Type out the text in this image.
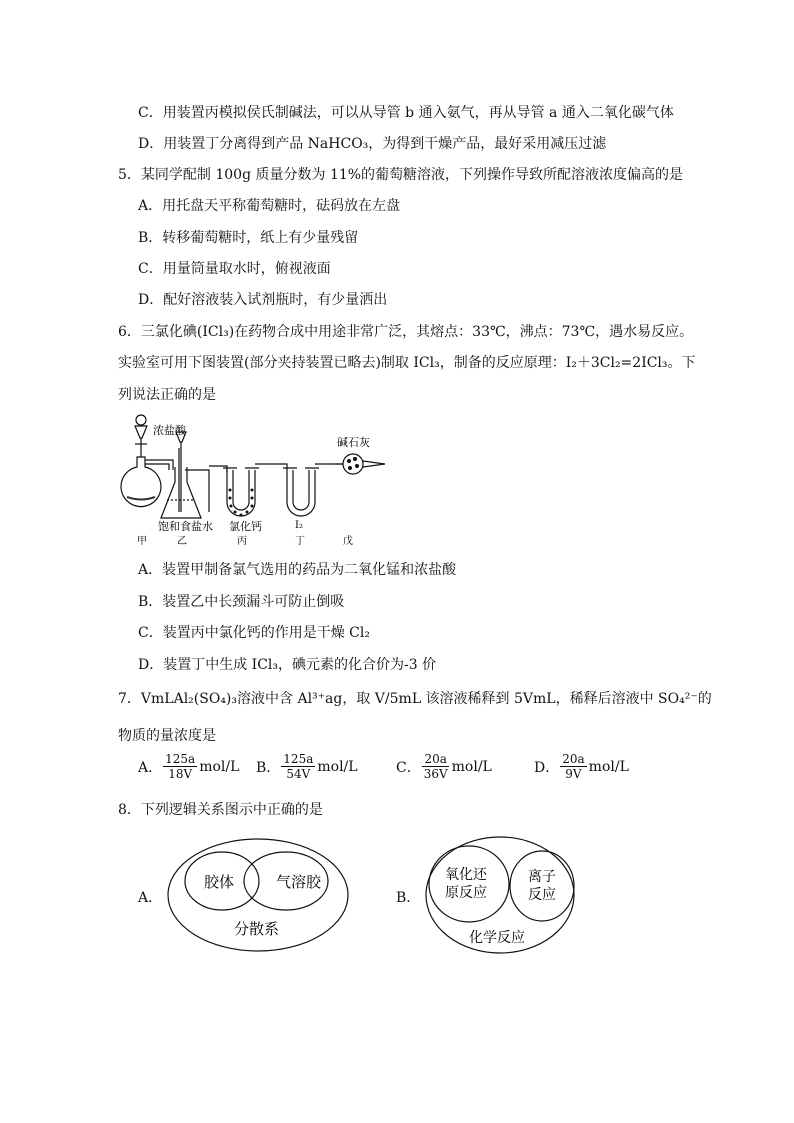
C．用装置丙模拟侯氏制碱法，可以从导管 b 通入氨气，再从导管 a 通入二氧化碳气体
D．用装置丁分离得到产品 NaHCO₃，为得到干燥产品，最好采用减压过滤
5．某同学配制 100g 质量分数为 11%的葡萄糖溶液，下列操作导致所配溶液浓度偏高的是
A．用托盘天平称葡萄糖时，砝码放在左盘
B．转移葡萄糖时，纸上有少量残留
C．用量筒量取水时，俯视液面
D．配好溶液装入试剂瓶时，有少量洒出
6．三氯化碘(ICl₃)在药物合成中用途非常广泛，其熔点：33℃，沸点：73℃，遇水易反应。
实验室可用下图装置(部分夹持装置已略去)制取 ICl₃，制备的反应原理：I₂＋3Cl₂=2ICl₃。下
列说法正确的是
浓盐酸
饱和食盐水 氯化钙	I₂
碱石灰
甲	乙	丙	丁	戊
A．装置甲制备氯气选用的药品为二氧化锰和浓盐酸
B．装置乙中长颈漏斗可防止倒吸
C．装置丙中氯化钙的作用是干燥 Cl₂
D．装置丁中生成 ICl₃，碘元素的化合价为-3 价
7．VmLAl₂(SO₄)₃溶液中含 Al³⁺ag，取 V/5mL 该溶液稀释到 5VmL，稀释后溶液中 SO₄²⁻的
物质的量浓度是
A． $\frac{125a}{18V} mol/L$ B． $\frac{125a}{54V} mol/L$	C． $\frac{20a}{36V} mol/L$	D． $\frac{20a}{9V} mol/L$
8．下列逻辑关系图示中正确的是
A．
胶体	气溶胶
分散系
B．
氧化还
原反应
离子
反应
化学反应
